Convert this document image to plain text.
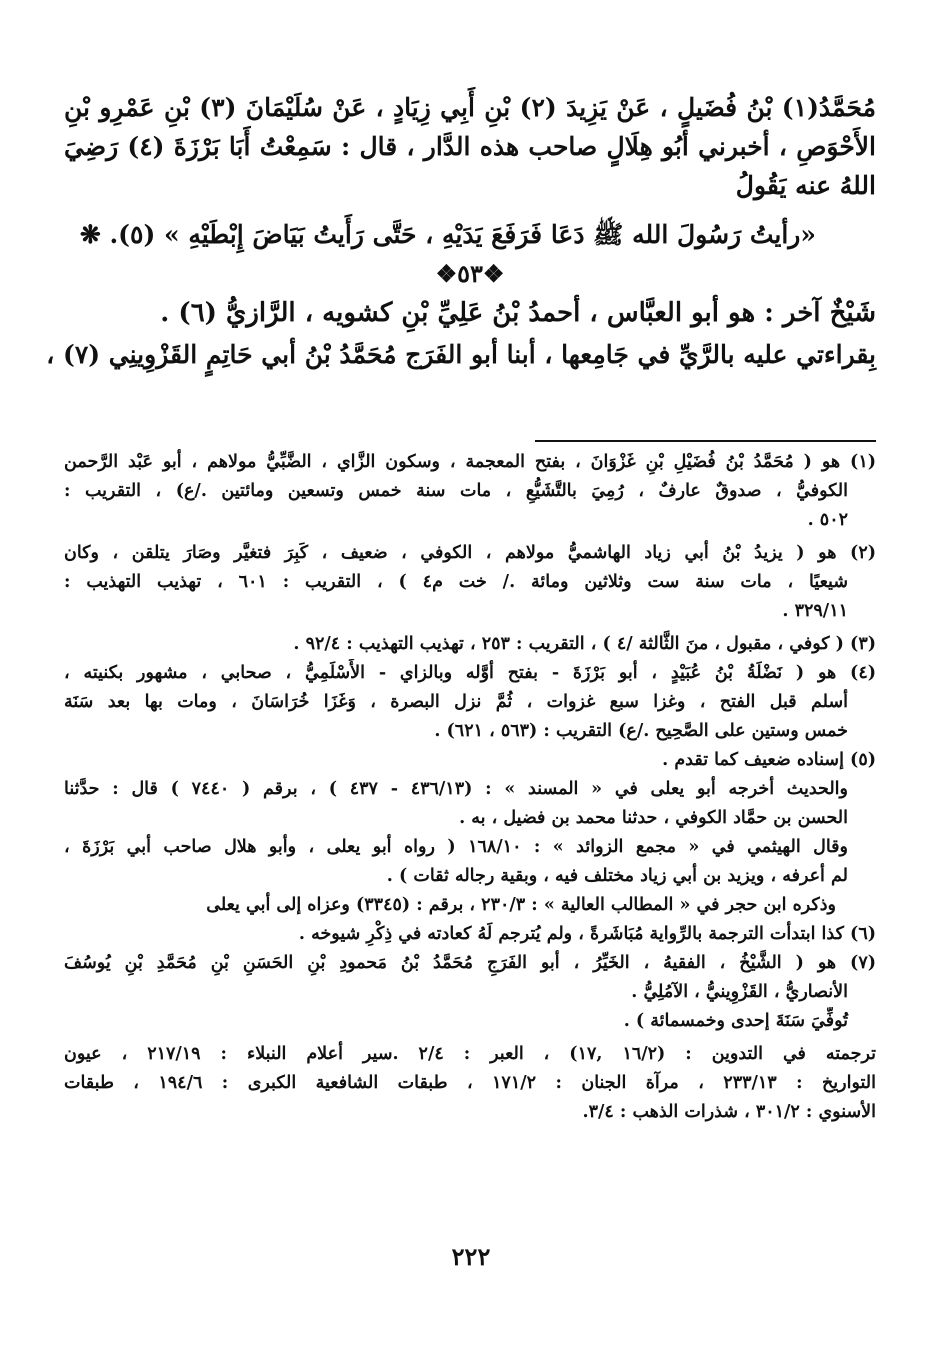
مُحَمَّدُ(١) بْنُ فُضَيلٍ ، عَنْ يَزِيدَ (٢) بْنِ أَبِي زِيَادٍ ، عَنْ سُلَيْمَانَ (٣) بْنِ عَمْرِو بْنِ

الأَحْوَصِ ، أخبرني أبُو هِلَالٍ صاحب هذه الدَّار ، قال : سَمِعْتُ أَبَا بَرْزَةَ (٤) رَضِيَ

اللهُ عنه يَقُولُ

«رأيتُ رَسُولَ الله ﷺ دَعَا فَرَفَعَ يَدَيْهِ ، حَتَّى رَأَيتُ بَيَاضَ إِبْطَيْهِ » (٥). ❋

❖٥٣❖

شَيْخٌ آخر : هو أبو العبَّاس ، أحمدُ بْنُ عَلِيِّ بْنِ كشويه ، الرَّازيُّ (٦) .

بِقراءتي عليه بالرَّيِّ في جَامِعها ، أبنا أبو الفَرَج مُحَمَّدُ بْنُ أبي حَاتِمٍ القَزْوِينِي (٧) ،

(١) هو ( مُحَمَّدُ بْنُ فُضَيْلِ بْنِ غَزْوَانَ ، بفتح المعجمة ، وسكون الزَّاي ، الضَّبِّيُّ مولاهم ، أبو عَبْد الرَّحمن

الكوفيُّ ، صدوقٌ عارفٌ ، رُمِيَ بالتَّشَيُّعِ ، مات سنة خمس وتسعين ومائتين ./ع) ، التقريب :

٥٠٢ .

(٢) هو ( يزيدُ بْنُ أبي زياد الهاشميُّ مولاهم ، الكوفي ، ضعيف ، كَبِرَ فتغيَّر وصَارَ يتلقن ، وكان

شيعيًا ، مات سنة ست وثلاثين ومائة ./ خت م٤ ) ، التقريب : ٦٠١ ، تهذيب التهذيب :

٣٢٩/١١ .

(٣) ( كوفي ، مقبول ، منَ الثَّالثة /٤ ) ، التقريب : ٢٥٣ ، تهذيب التهذيب : ٩٢/٤ .

(٤) هو ( نَضْلَةُ بْنُ عُبَيْدٍ ، أبو بَرْزَةَ - بفتح أوَّله وبالزاي - الأَسْلَمِيُّ ، صحابي ، مشهور بكنيته ،

أسلم قبل الفتح ، وغزا سبع غزوات ، ثُمَّ نزل البصرة ، وَغَزَا خُرَاسَانَ ، ومات بها بعد سَنَة

خمس وستين على الصَّحِيح ./ع) التقريب : (٥٦٣ ، ٦٢١) .

(٥) إسناده ضعيف كما تقدم .

والحديث أخرجه أبو يعلى في « المسند » : (٤٣٦/١٣ - ٤٣٧ ) ، برقم ( ٧٤٤٠ ) قال : حدَّثنا

الحسن بن حمَّاد الكوفي ، حدثنا محمد بن فضيل ، به .

وقال الهيثمي في « مجمع الزوائد » : ١٦٨/١٠ ( رواه أبو يعلى ، وأبو هلال صاحب أبي بَرْزَةَ ،

لم أعرفه ، ويزيد بن أبي زياد مختلف فيه ، وبقية رجاله ثقات ) .

وذكره ابن حجر في « المطالب العالية » : ٢٣٠/٣ ، برقم : (٣٣٤٥) وعزاه إلى أبي يعلى

(٦) كذا ابتدأت الترجمة بالرِّواية مُبَاشَرةً ، ولم يُترجم لَهُ كعادته في ذِكْرِ شيوخه .

(٧) هو ( الشَّيْخُ ، الفقيهُ ، الخَيِّرُ ، أبو الفَرَجِ مُحَمَّدُ بْنُ مَحمودِ بْنِ الحَسَنِ بْنِ مُحَمَّدِ بْنِ يُوسُفَ

الأنصاريُّ ، القَزْوِينيُّ ، الآمُلِيُّ .

تُوفِّيَ سَنَةَ إحدى وخمسمائة ) .

ترجمته في التدوين : (١٦/٢ ,١٧) ، العبر : ٢/٤ .سير أعلام النبلاء : ٢١٧/١٩ ، عيون

التواريخ : ٢٣٣/١٣ ، مرآة الجنان : ١٧١/٢ ، طبقات الشافعية الكبرى : ١٩٤/٦ ، طبقات

الأسنوي : ٣٠١/٢ ، شذرات الذهب : ٣/٤.

٢٢٢
